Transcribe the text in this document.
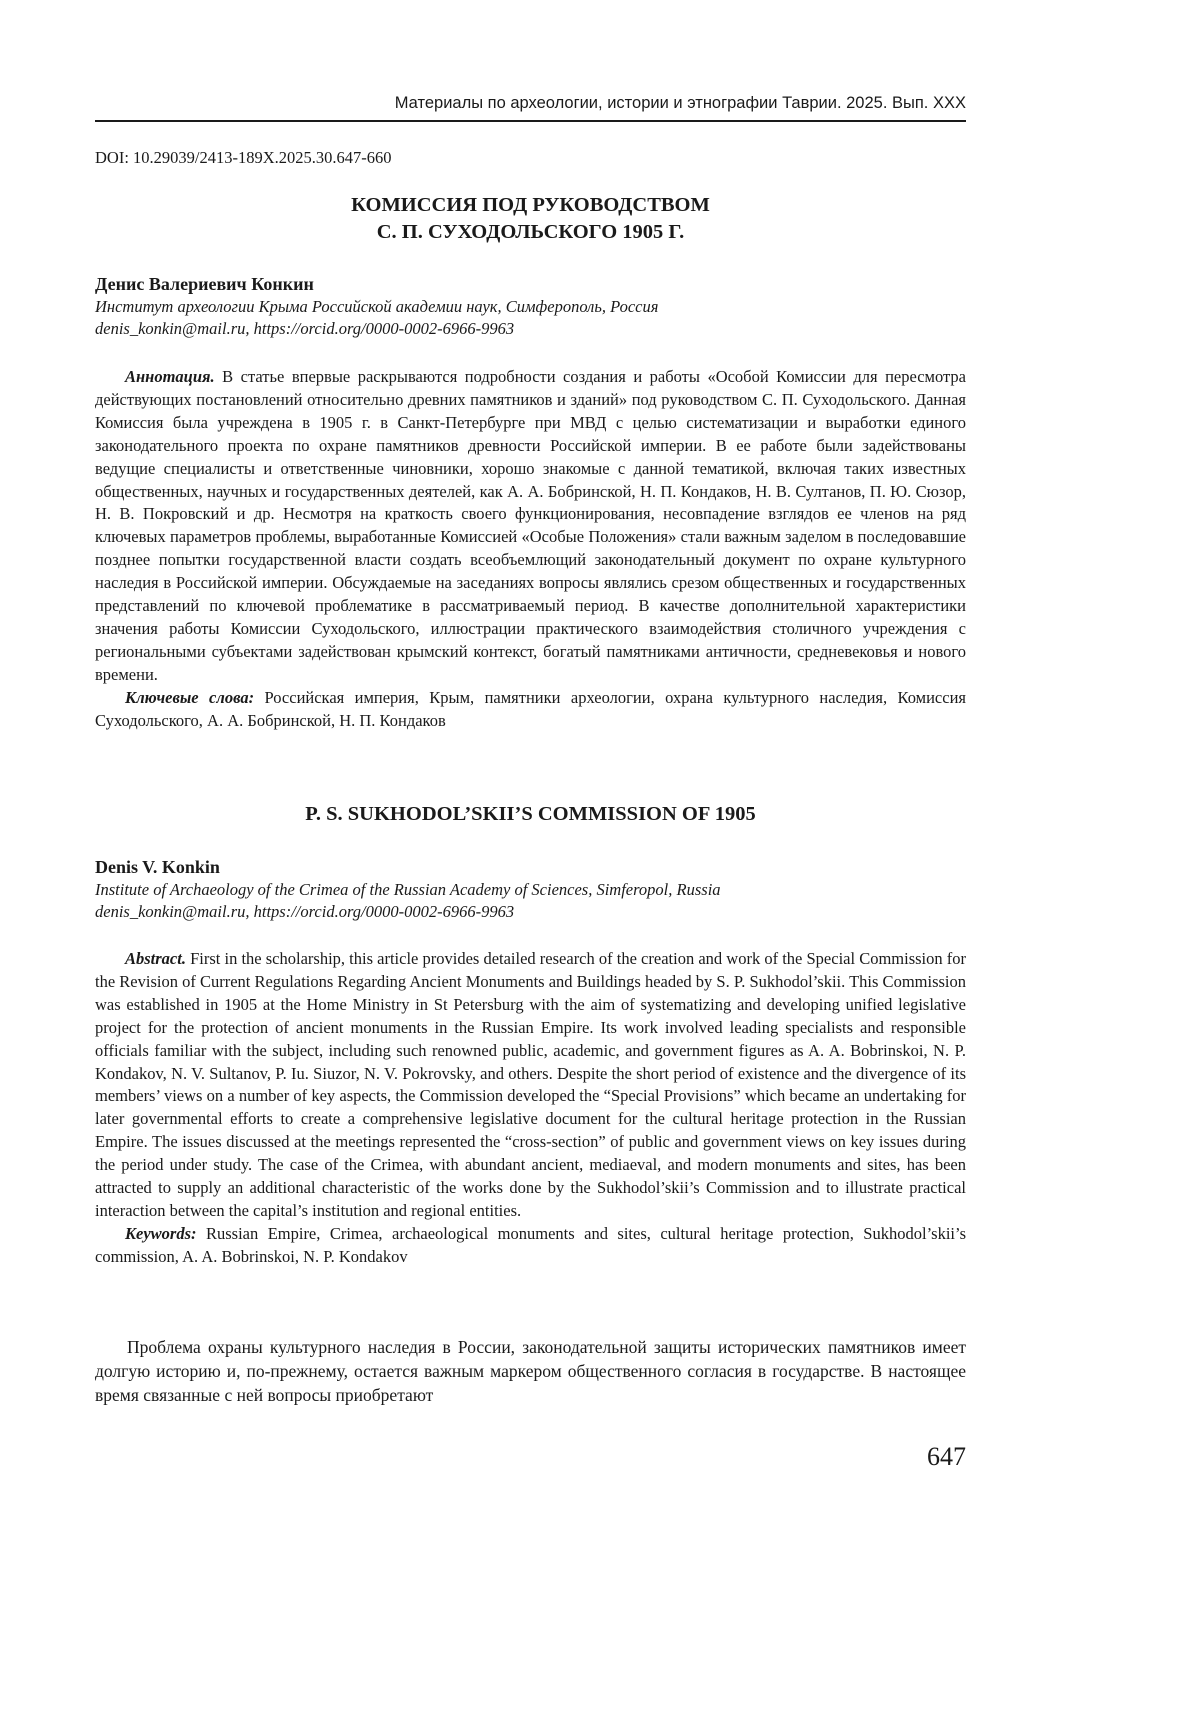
Материалы по археологии, истории и этнографии Таврии. 2025. Вып. XXX
DOI: 10.29039/2413-189X.2025.30.647-660
КОМИССИЯ ПОД РУКОВОДСТВОМ
С. П. СУХОДОЛЬСКОГО 1905 Г.
Денис Валериевич Конкин
Институт археологии Крыма Российской академии наук, Симферополь, Россия
denis_konkin@mail.ru, https://orcid.org/0000-0002-6966-9963

Аннотация. В статье впервые раскрываются подробности создания и работы «Особой Комиссии для пересмотра действующих постановлений относительно древних памятников и зданий» под руководством С. П. Суходольского. Данная Комиссия была учреждена в 1905 г. в Санкт-Петербурге при МВД с целью систематизации и выработки единого законодательного проекта по охране памятников древности Российской империи. В ее работе были задействованы ведущие специалисты и ответственные чиновники, хорошо знакомые с данной тематикой, включая таких известных общественных, научных и государственных деятелей, как А. А. Бобринской, Н. П. Кондаков, Н. В. Султанов, П. Ю. Сюзор, Н. В. Покровский и др. Несмотря на краткость своего функционирования, несовпадение взглядов ее членов на ряд ключевых параметров проблемы, выработанные Комиссией «Особые Положения» стали важным заделом в последовавшие позднее попытки государственной власти создать всеобъемлющий законодательный документ по охране культурного наследия в Российской империи. Обсуждаемые на заседаниях вопросы являлись срезом общественных и государственных представлений по ключевой проблематике в рассматриваемый период. В качестве дополнительной характеристики значения работы Комиссии Суходольского, иллюстрации практического взаимодействия столичного учреждения с региональными субъектами задействован крымский контекст, богатый памятниками античности, средневековья и нового времени.

Ключевые слова: Российская империя, Крым, памятники археологии, охрана культурного наследия, Комиссия Суходольского, А. А. Бобринской, Н. П. Кондаков

P. S. SUKHODOL’SKII’S COMMISSION OF 1905
Denis V. Konkin
Institute of Archaeology of the Crimea of the Russian Academy of Sciences, Simferopol, Russia
denis_konkin@mail.ru, https://orcid.org/0000-0002-6966-9963

Abstract. First in the scholarship, this article provides detailed research of the creation and work of the Special Commission for the Revision of Current Regulations Regarding Ancient Monuments and Buildings headed by S. P. Sukhodol’skii. This Commission was established in 1905 at the Home Ministry in St Petersburg with the aim of systematizing and developing unified legislative project for the protection of ancient monuments in the Russian Empire. Its work involved leading specialists and responsible officials familiar with the subject, including such renowned public, academic, and government figures as A. A. Bobrinskoi, N. P. Kondakov, N. V. Sultanov, P. Iu. Siuzor, N. V. Pokrovsky, and others. Despite the short period of existence and the divergence of its members’ views on a number of key aspects, the Commission developed the “Special Provisions” which became an undertaking for later governmental efforts to create a comprehensive legislative document for the cultural heritage protection in the Russian Empire. The issues discussed at the meetings represented the “cross-section” of public and government views on key issues during the period under study. The case of the Crimea, with abundant ancient, mediaeval, and modern monuments and sites, has been attracted to supply an additional characteristic of the works done by the Sukhodol’skii’s Commission and to illustrate practical interaction between the capital’s institution and regional entities.

Keywords: Russian Empire, Crimea, archaeological monuments and sites, cultural heritage protection, Sukhodol’skii’s commission, A. A. Bobrinskoi, N. P. Kondakov

Проблема охраны культурного наследия в России, законодательной защиты исторических памятников имеет долгую историю и, по-прежнему, остается важным маркером общественного согласия в государстве. В настоящее время связанные с ней вопросы приобретают

647
